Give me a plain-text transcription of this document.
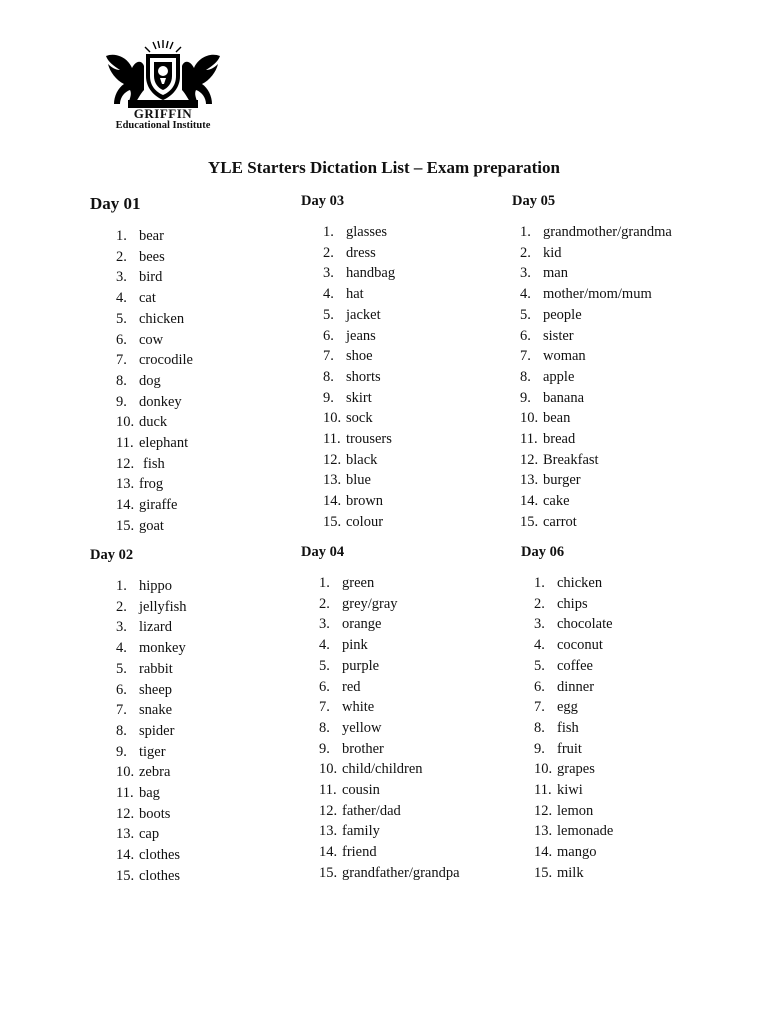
GRIFFIN
Educational Institute
YLE Starters Dictation List – Exam preparation
Day 01
1. bear
2. bees
3. bird
4. cat
5. chicken
6. cow
7. crocodile
8. dog
9. donkey
10. duck
11. elephant
12. fish
13. frog
14. giraffe
15. goat
Day 03
1. glasses
2. dress
3. handbag
4. hat
5. jacket
6. jeans
7. shoe
8. shorts
9. skirt
10. sock
11. trousers
12. black
13. blue
14. brown
15. colour
Day 05
1. grandmother/grandma
2. kid
3. man
4. mother/mom/mum
5. people
6. sister
7. woman
8. apple
9. banana
10. bean
11. bread
12. Breakfast
13. burger
14. cake
15. carrot
Day 02
1. hippo
2. jellyfish
3. lizard
4. monkey
5. rabbit
6. sheep
7. snake
8. spider
9. tiger
10. zebra
11. bag
12. boots
13. cap
14. clothes
15. clothes
Day 04
1. green
2. grey/gray
3. orange
4. pink
5. purple
6. red
7. white
8. yellow
9. brother
10. child/children
11. cousin
12. father/dad
13. family
14. friend
15. grandfather/grandpa
Day 06
1. chicken
2. chips
3. chocolate
4. coconut
5. coffee
6. dinner
7. egg
8. fish
9. fruit
10. grapes
11. kiwi
12. lemon
13. lemonade
14. mango
15. milk
